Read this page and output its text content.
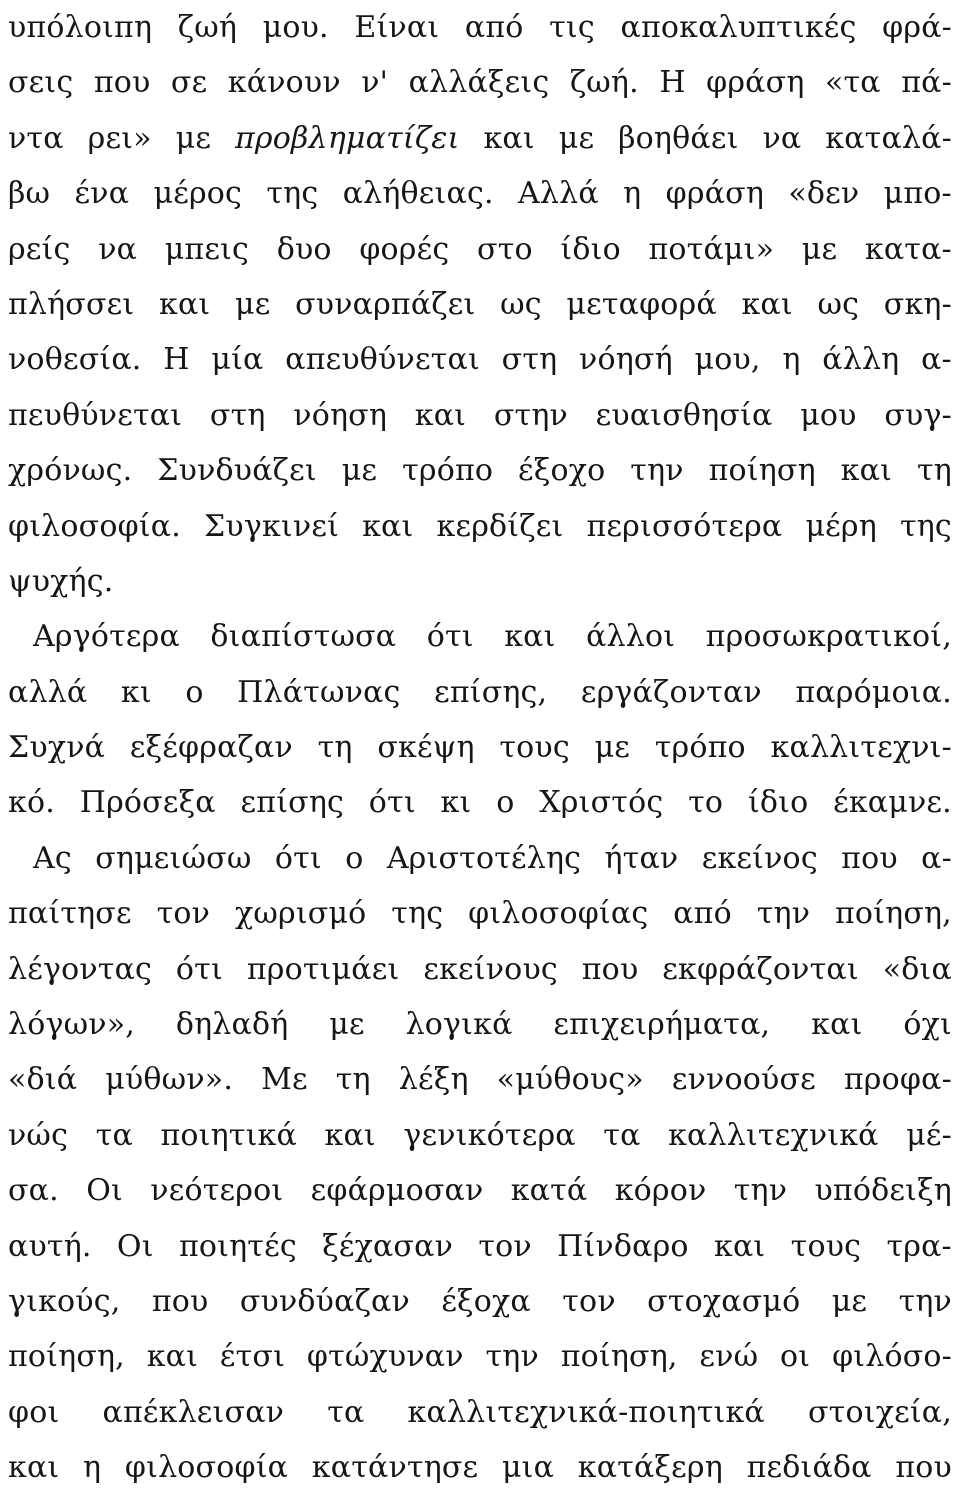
υπόλοιπη ζωή μου. Είναι από τις αποκαλυπτικές φρά-
σεις που σε κάνουν ν' αλλάξεις ζωή. Η φράση «τα πά-
ντα ρει» με προβληματίζει και με βοηθάει να καταλά-
βω ένα μέρος της αλήθειας. Αλλά η φράση «δεν μπο-
ρείς να μπεις δυο φορές στο ίδιο ποτάμι» με κατα-
πλήσσει και με συναρπάζει ως μεταφορά και ως σκη-
νοθεσία. Η μία απευθύνεται στη νόησή μου, η άλλη α-
πευθύνεται στη νόηση και στην ευαισθησία μου συγ-
χρόνως. Συνδυάζει με τρόπο έξοχο την ποίηση και τη
φιλοσοφία. Συγκινεί και κερδίζει περισσότερα μέρη της
ψυχής.
Αργότερα διαπίστωσα ότι και άλλοι προσωκρατικοί,
αλλά κι ο Πλάτωνας επίσης, εργάζονταν παρόμοια.
Συχνά εξέφραζαν τη σκέψη τους με τρόπο καλλιτεχνι-
κό. Πρόσεξα επίσης ότι κι ο Χριστός το ίδιο έκαμνε.
Ας σημειώσω ότι ο Αριστοτέλης ήταν εκείνος που α-
παίτησε τον χωρισμό της φιλοσοφίας από την ποίηση,
λέγοντας ότι προτιμάει εκείνους που εκφράζονται «δια
λόγων», δηλαδή με λογικά επιχειρήματα, και όχι
«διά μύθων». Με τη λέξη «μύθους» εννοούσε προφα-
νώς τα ποιητικά και γενικότερα τα καλλιτεχνικά μέ-
σα. Οι νεότεροι εφάρμοσαν κατά κόρον την υπόδειξη
αυτή. Οι ποιητές ξέχασαν τον Πίνδαρο και τους τρα-
γικούς, που συνδύαζαν έξοχα τον στοχασμό με την
ποίηση, και έτσι φτώχυναν την ποίηση, ενώ οι φιλόσο-
φοι απέκλεισαν τα καλλιτεχνικά-ποιητικά στοιχεία,
και η φιλοσοφία κατάντησε μια κατάξερη πεδιάδα που
